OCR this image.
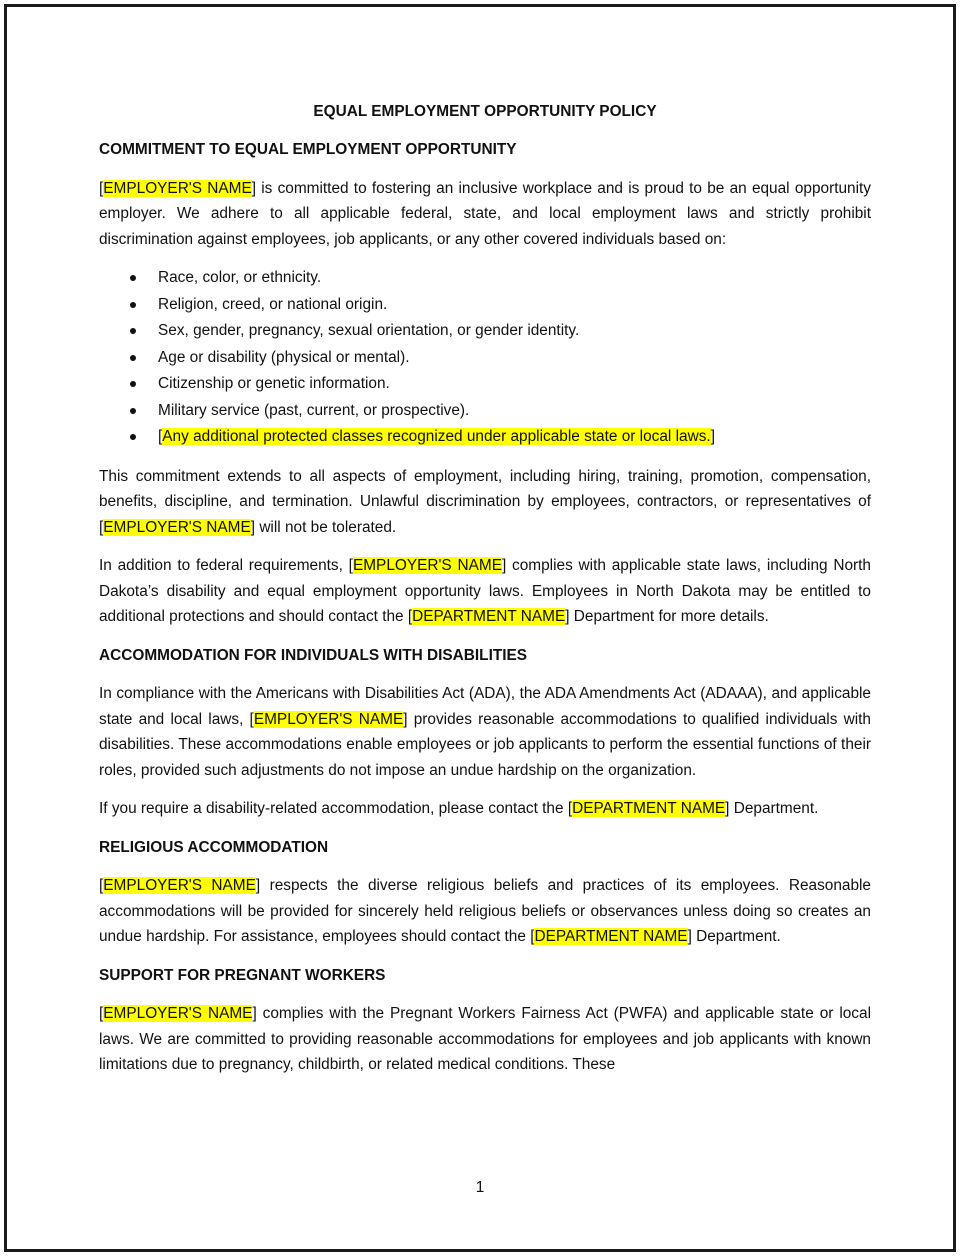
EQUAL EMPLOYMENT OPPORTUNITY POLICY

COMMITMENT TO EQUAL EMPLOYMENT OPPORTUNITY

[EMPLOYER'S NAME] is committed to fostering an inclusive workplace and is proud to be an equal opportunity employer. We adhere to all applicable federal, state, and local employment laws and strictly prohibit discrimination against employees, job applicants, or any other covered individuals based on:

Race, color, or ethnicity.
Religion, creed, or national origin.
Sex, gender, pregnancy, sexual orientation, or gender identity.
Age or disability (physical or mental).
Citizenship or genetic information.
Military service (past, current, or prospective).
[Any additional protected classes recognized under applicable state or local laws.]

This commitment extends to all aspects of employment, including hiring, training, promotion, compensation, benefits, discipline, and termination. Unlawful discrimination by employees, contractors, or representatives of [EMPLOYER'S NAME] will not be tolerated.

In addition to federal requirements, [EMPLOYER'S NAME] complies with applicable state laws, including North Dakota’s disability and equal employment opportunity laws. Employees in North Dakota may be entitled to additional protections and should contact the [DEPARTMENT NAME] Department for more details.

ACCOMMODATION FOR INDIVIDUALS WITH DISABILITIES

In compliance with the Americans with Disabilities Act (ADA), the ADA Amendments Act (ADAAA), and applicable state and local laws, [EMPLOYER'S NAME] provides reasonable accommodations to qualified individuals with disabilities. These accommodations enable employees or job applicants to perform the essential functions of their roles, provided such adjustments do not impose an undue hardship on the organization.

If you require a disability-related accommodation, please contact the [DEPARTMENT NAME] Department.

RELIGIOUS ACCOMMODATION

[EMPLOYER'S NAME] respects the diverse religious beliefs and practices of its employees. Reasonable accommodations will be provided for sincerely held religious beliefs or observances unless doing so creates an undue hardship. For assistance, employees should contact the [DEPARTMENT NAME] Department.

SUPPORT FOR PREGNANT WORKERS

[EMPLOYER'S NAME] complies with the Pregnant Workers Fairness Act (PWFA) and applicable state or local laws. We are committed to providing reasonable accommodations for employees and job applicants with known limitations due to pregnancy, childbirth, or related medical conditions. These

1
